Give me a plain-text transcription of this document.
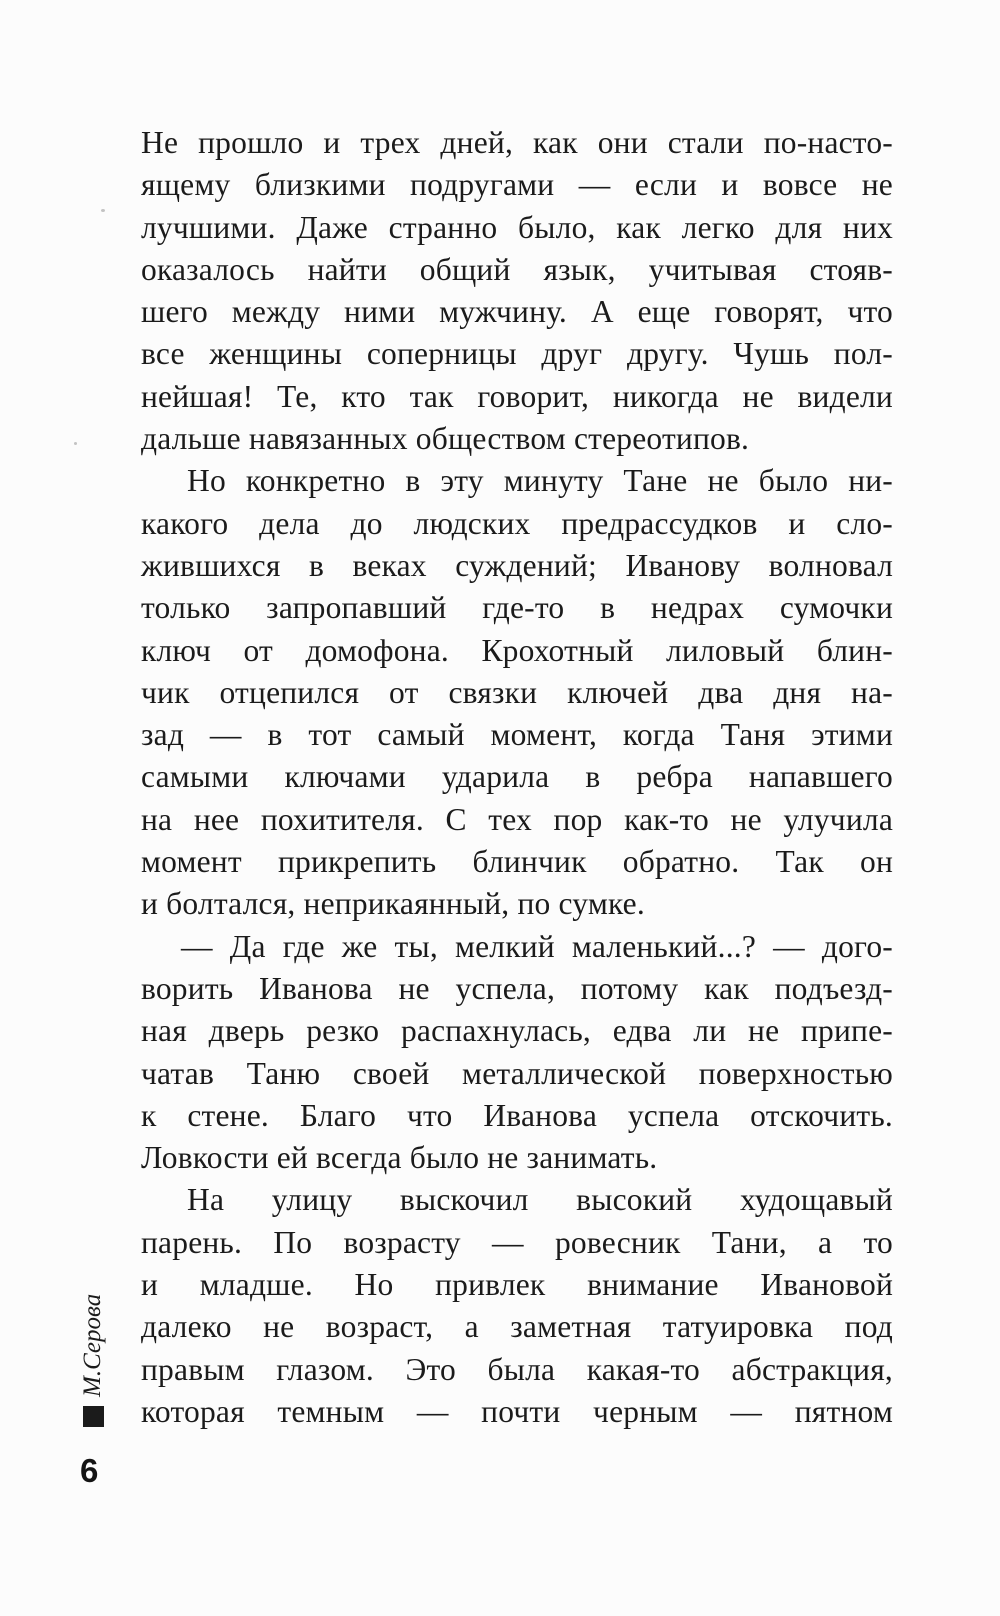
Не прошло и трех дней, как они стали по-насто-
ящему близкими подругами — если и вовсе не
лучшими. Даже странно было, как легко для них
оказалось найти общий язык, учитывая стояв-
шего между ними мужчину. А еще говорят, что
все женщины соперницы друг другу. Чушь пол-
нейшая! Те, кто так говорит, никогда не видели
дальше навязанных обществом стереотипов.
Но конкретно в эту минуту Тане не было ни-
какого дела до людских предрассудков и сло-
жившихся в веках суждений; Иванову волновал
только запропавший где-то в недрах сумочки
ключ от домофона. Крохотный лиловый блин-
чик отцепился от связки ключей два дня на-
зад — в тот самый момент, когда Таня этими
самыми ключами ударила в ребра напавшего
на нее похитителя. С тех пор как-то не улучила
момент прикрепить блинчик обратно. Так он
и болтался, неприкаянный, по сумке.
— Да где же ты, мелкий маленький...? — дого-
ворить Иванова не успела, потому как подъезд-
ная дверь резко распахнулась, едва ли не припе-
чатав Таню своей металлической поверхностью
к стене. Благо что Иванова успела отскочить.
Ловкости ей всегда было не занимать.
На улицу выскочил высокий худощавый
парень. По возрасту — ровесник Тани, а то
и младше. Но привлек внимание Ивановой
далеко не возраст, а заметная татуировка под
правым глазом. Это была какая-то абстракция,
которая темным — почти черным — пятном
М.Серова
6
